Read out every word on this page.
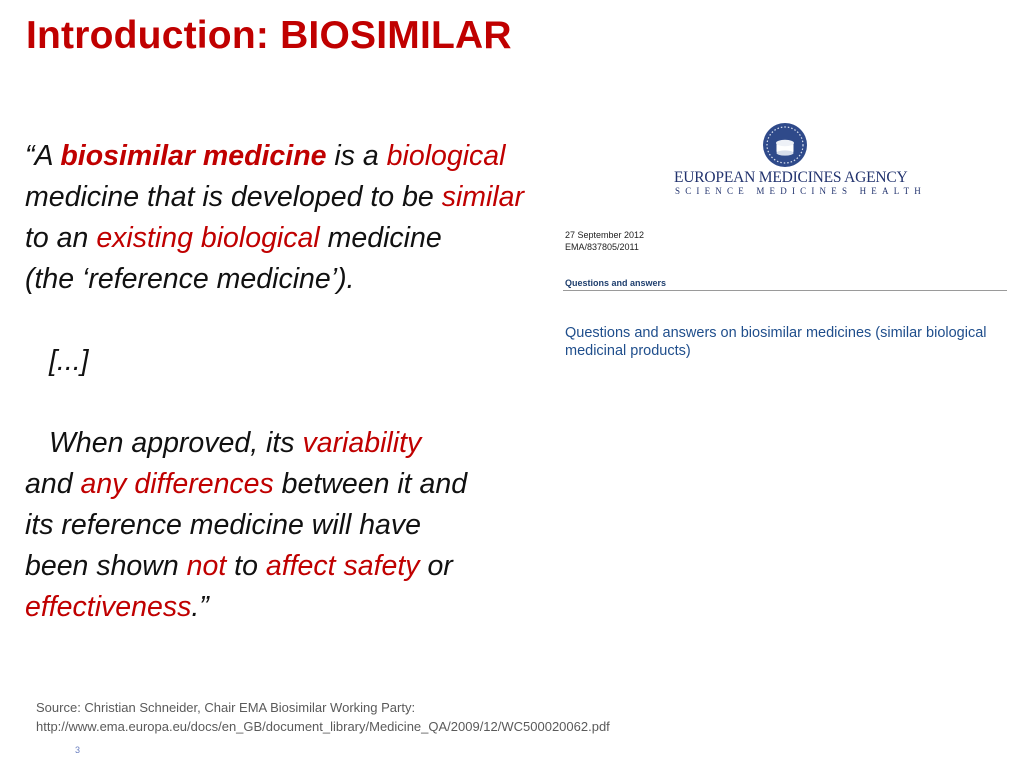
Introduction: BIOSIMILAR
“A biosimilar medicine is a biological
medicine that is developed to be similar
to an existing biological medicine
(the ‘reference medicine’).
[...]
When approved, its variability
and any differences between it and
its reference medicine will have
been shown not to affect safety or
effectiveness.”
EUROPEAN MEDICINES AGENCY
SCIENCE MEDICINES HEALTH
27 September 2012
EMA/837805/2011
Questions and answers
Questions and answers on biosimilar medicines (similar biological medicinal products)
Source: Christian Schneider, Chair EMA Biosimilar Working Party:
http://www.ema.europa.eu/docs/en_GB/document_library/Medicine_QA/2009/12/WC500020062.pdf
3
